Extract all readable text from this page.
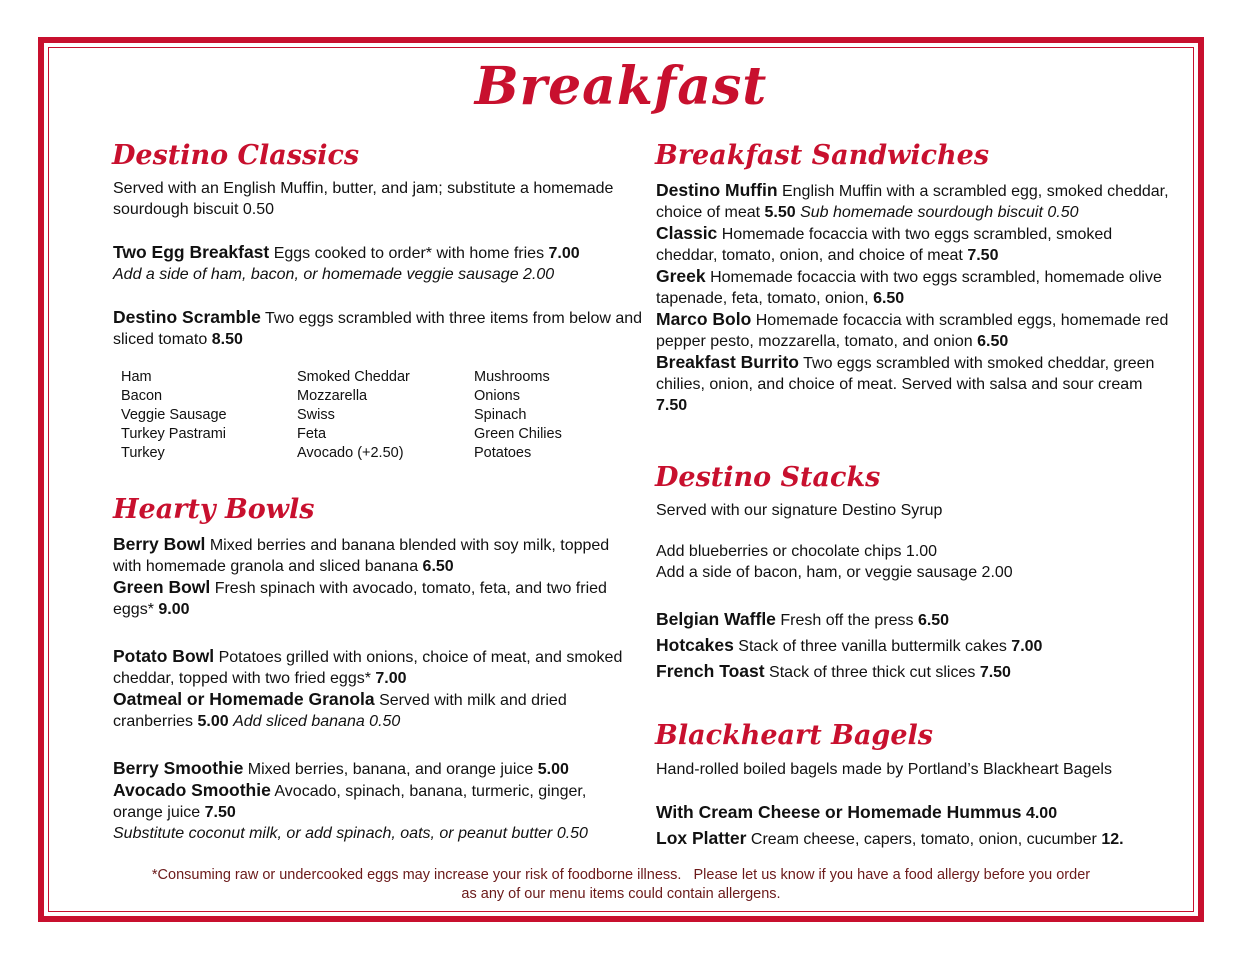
Breakfast
Destino Classics

Served with an English Muffin, butter, and jam; substitute a homemade sourdough biscuit 0.50

Two Egg Breakfast Eggs cooked to order* with home fries 7.00

Add a side of ham, bacon, or homemade veggie sausage 2.00

Destino Scramble Two eggs scrambled with three items from below and sliced tomato 8.50

Ham
Bacon
Veggie Sausage
Turkey Pastrami
Turkey
Smoked Cheddar
Mozzarella
Swiss
Feta
Avocado (+2.50)
Mushrooms
Onions
Spinach
Green Chilies
Potatoes
Hearty Bowls

Berry Bowl Mixed berries and banana blended with soy milk, topped with homemade granola and sliced banana 6.50

Green Bowl Fresh spinach with avocado, tomato, feta, and two fried eggs* 9.00

Potato Bowl Potatoes grilled with onions, choice of meat, and smoked cheddar, topped with two fried eggs* 7.00

Oatmeal or Homemade Granola Served with milk and dried cranberries 5.00 Add sliced banana 0.50

Berry Smoothie Mixed berries, banana, and orange juice 5.00

Avocado Smoothie Avocado, spinach, banana, turmeric, ginger, orange juice 7.50

Substitute coconut milk, or add spinach, oats, or peanut butter 0.50

Breakfast Sandwiches

Destino Muffin English Muffin with a scrambled egg, smoked cheddar, choice of meat 5.50 Sub homemade sourdough biscuit 0.50

Classic Homemade focaccia with two eggs scrambled, smoked cheddar, tomato, onion, and choice of meat 7.50

Greek Homemade focaccia with two eggs scrambled, homemade olive tapenade, feta, tomato, onion, 6.50

Marco Bolo Homemade focaccia with scrambled eggs, homemade red pepper pesto, mozzarella, tomato, and onion 6.50

Breakfast Burrito Two eggs scrambled with smoked cheddar, green chilies, onion, and choice of meat. Served with salsa and sour cream 7.50

Destino Stacks

Served with our signature Destino Syrup

Add blueberries or chocolate chips 1.00

Add a side of bacon, ham, or veggie sausage 2.00

Belgian Waffle Fresh off the press 6.50

Hotcakes Stack of three vanilla buttermilk cakes 7.00

French Toast Stack of three thick cut slices 7.50

Blackheart Bagels

Hand-rolled boiled bagels made by Portland’s Blackheart Bagels

With Cream Cheese or Homemade Hummus 4.00

Lox Platter Cream cheese, capers, tomato, onion, cucumber 12.

*Consuming raw or undercooked eggs may increase your risk of foodborne illness.   Please let us know if you have a food allergy before you order
as any of our menu items could contain allergens.
